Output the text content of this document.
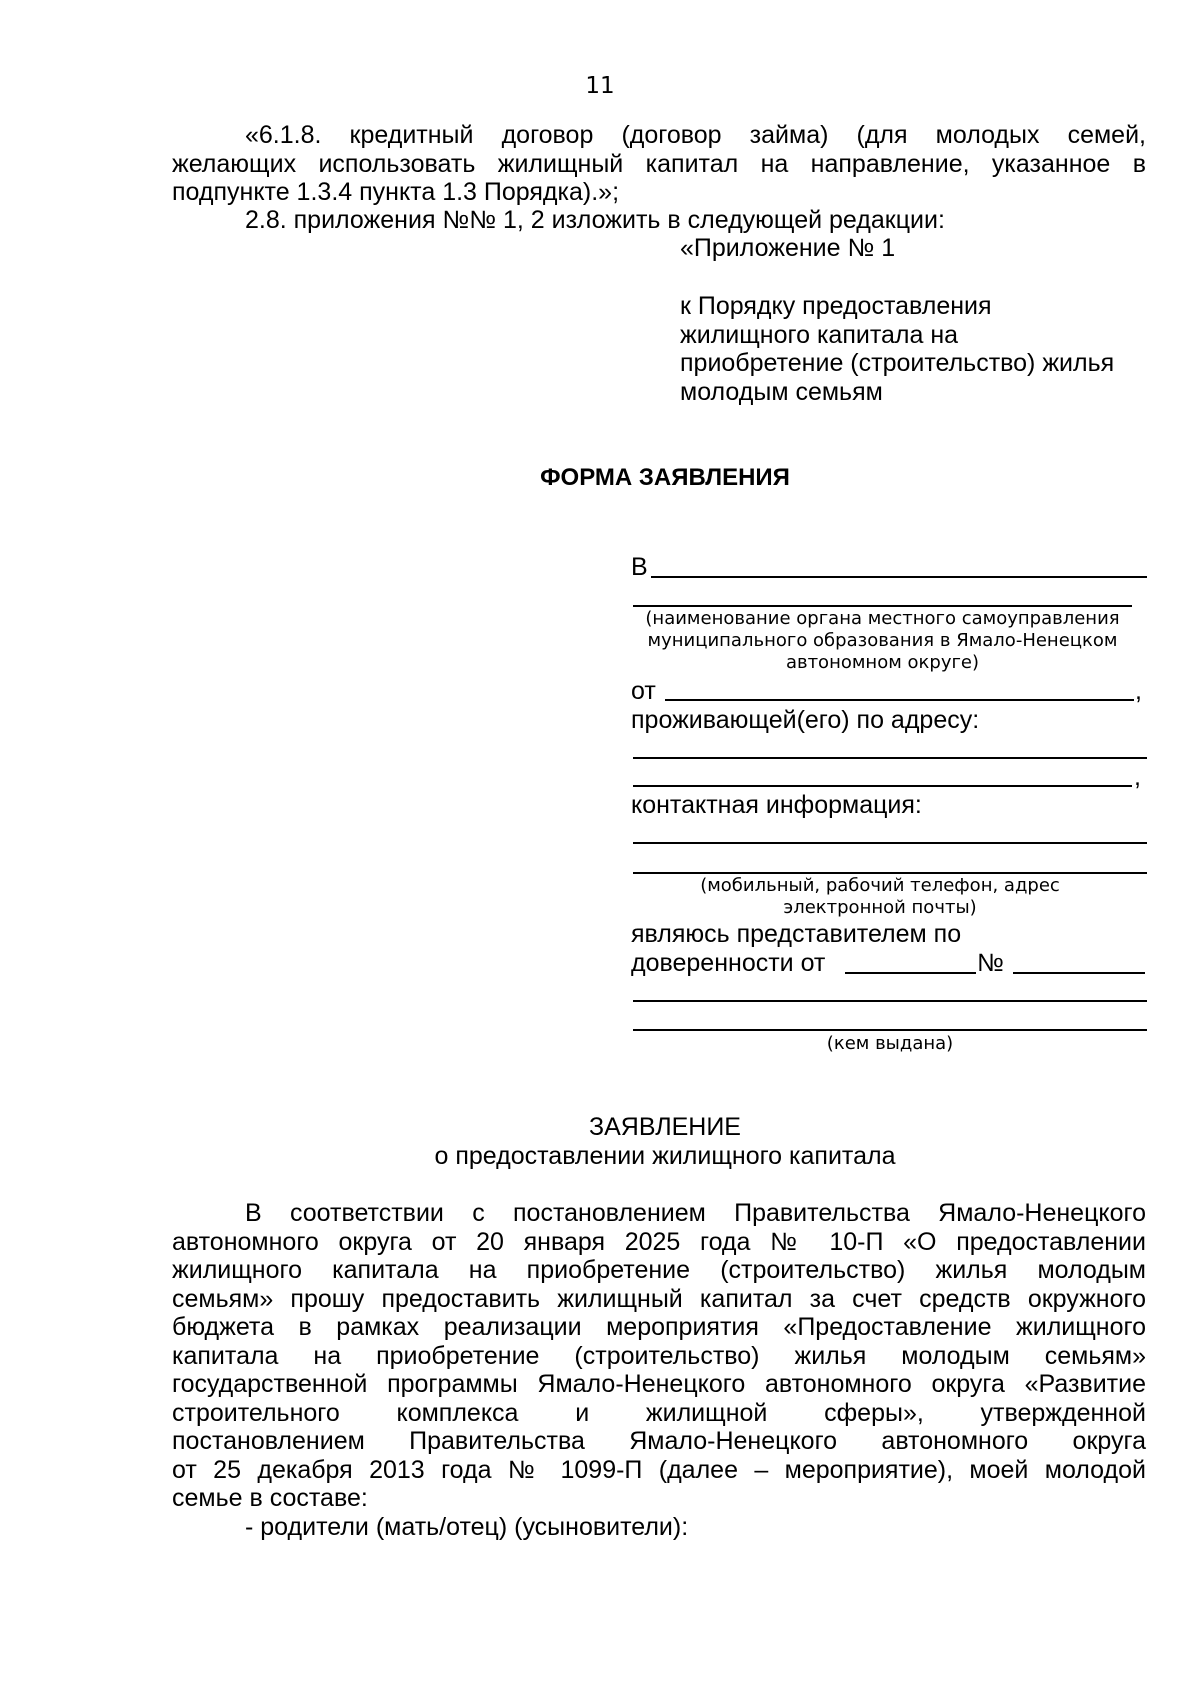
11
«6.1.8. кредитный договор (договор займа) (для молодых семей,
желающих использовать жилищный капитал на направление, указанное в
подпункте 1.3.4 пункта 1.3 Порядка).»;
2.8. приложения №№ 1, 2 изложить в следующей редакции:
«Приложение № 1
к Порядку предоставления
жилищного капитала на
приобретение (строительство) жилья
молодым семьям
ФОРМА ЗАЯВЛЕНИЯ
В
(наименование органа местного самоуправления
муниципального образования в Ямало-Ненецком
автономном округе)
от	,
проживающей(его) по адресу:
,
контактная информация:
(мобильный, рабочий телефон, адрес
электронной почты)
являюсь представителем по
доверенности от	№
(кем выдана)
ЗАЯВЛЕНИЕ
о предоставлении жилищного капитала
В соответствии с постановлением Правительства Ямало-Ненецкого
автономного округа от 20 января 2025 года № 10-П «О предоставлении
жилищного капитала на приобретение (строительство) жилья молодым
семьям» прошу предоставить жилищный капитал за счет средств окружного
бюджета в рамках реализации мероприятия «Предоставление жилищного
капитала на приобретение (строительство) жилья молодым семьям»
государственной программы Ямало-Ненецкого автономного округа «Развитие
строительного комплекса и жилищной сферы», утвержденной
постановлением Правительства Ямало-Ненецкого автономного округа
от 25 декабря 2013 года № 1099-П (далее – мероприятие), моей молодой
семье в составе:
- родители (мать/отец) (усыновители):
